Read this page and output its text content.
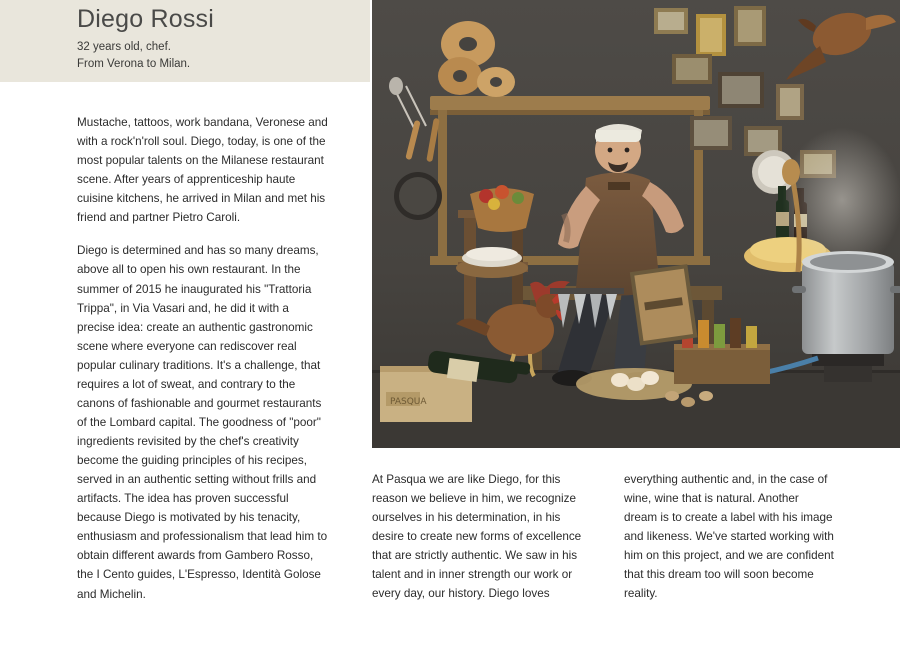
Diego Rossi

32 years old, chef.

From Verona to Milan.

Mustache, tattoos, work bandana, Veronese and with a rock'n'roll soul. Diego, today, is one of the most popular talents on the Milanese restaurant scene. After years of apprenticeship haute cuisine kitchens, he arrived in Milan and met his friend and partner Pietro Caroli.

Diego is determined and has so many dreams, above all to open his own restaurant. In the summer of 2015 he inaugurated his "Trattoria Trippa", in Via Vasari and, he did it with a precise idea: create an authentic gastronomic scene where everyone can rediscover real popular culinary traditions. It's a challenge, that requires a lot of sweat, and contrary to the canons of fashionable and gourmet restaurants of the Lombard capital. The goodness of "poor" ingredients revisited by the chef's creativity become the guiding principles of his recipes, served in an authentic setting without frills and artifacts. The idea has proven successful because Diego is motivated by his tenacity, enthusiasm and professionalism that lead him to obtain different awards from Gambero Rosso, the I Cento guides, L'Espresso, Identità Golose and Michelin.

PASQUA

At Pasqua we are like Diego, for this reason we believe in him, we recognize ourselves in his determination, in his desire to create new forms of excellence that are strictly authentic. We saw in his talent and in inner strength our work or every day, our history. Diego loves

everything authentic and, in the case of wine, wine that is natural. Another dream is to create a label with his image and likeness. We've started working with him on this project, and we are confident that this dream too will soon become reality.
